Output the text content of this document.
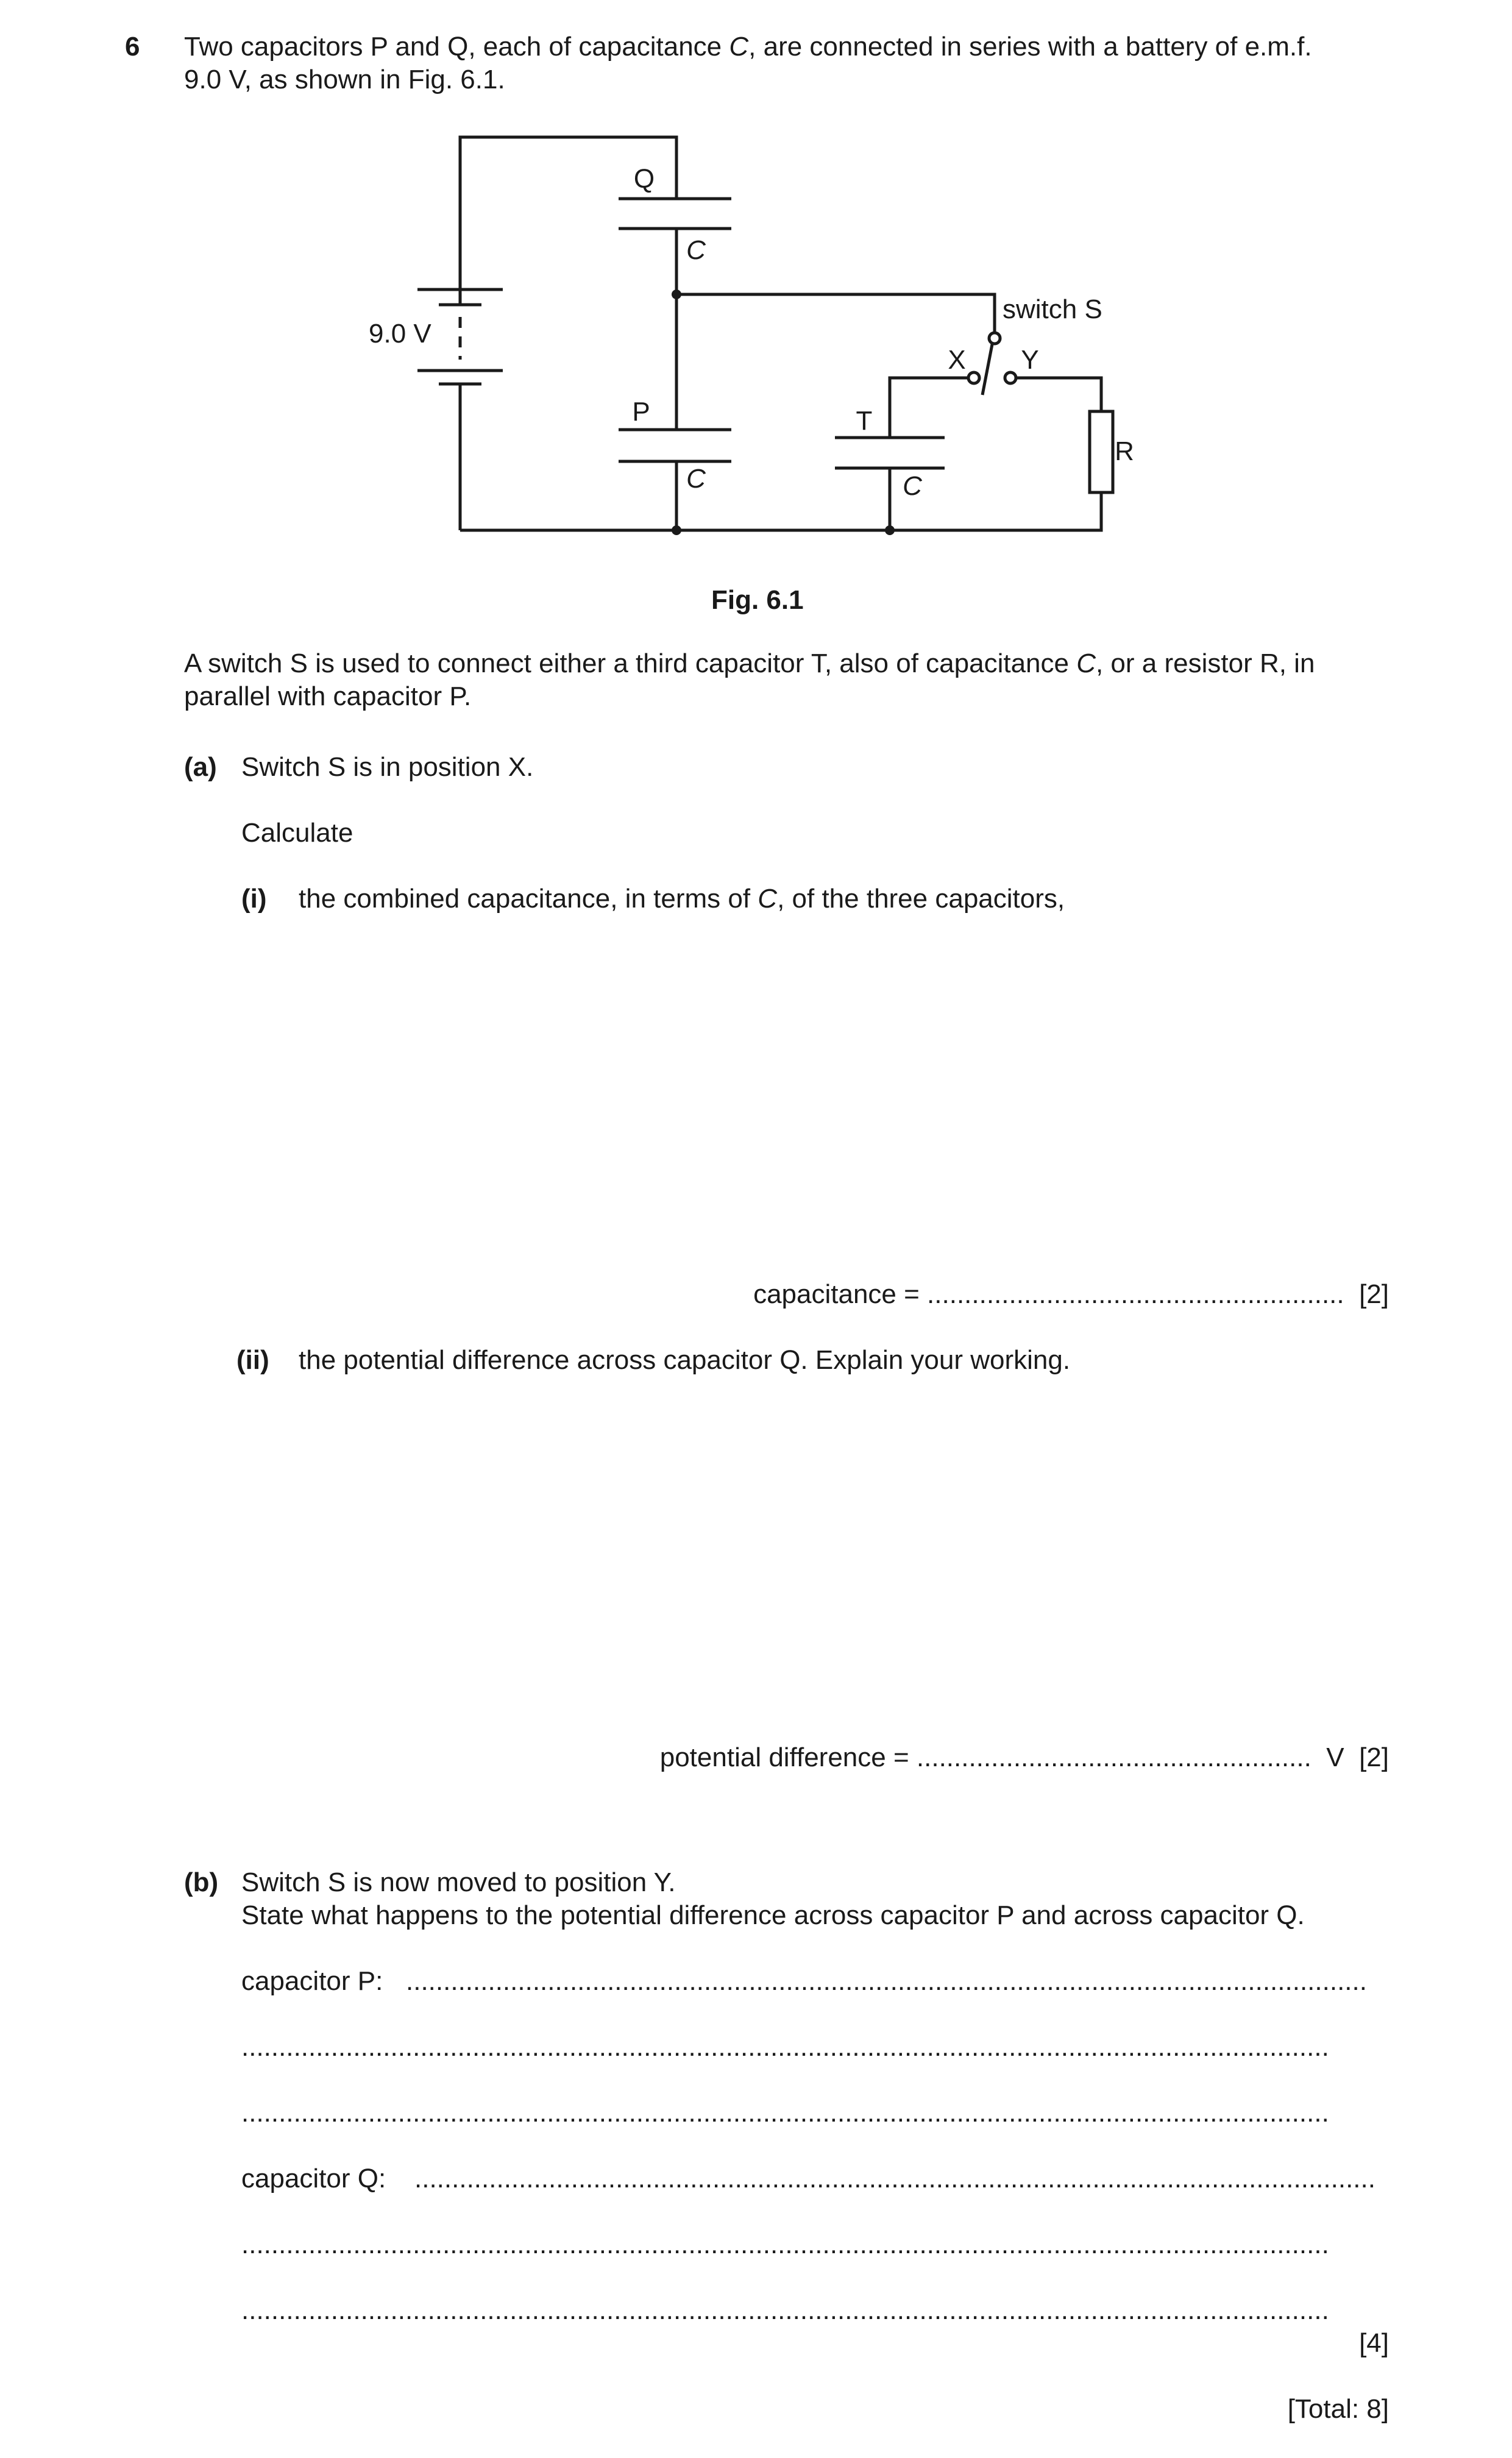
6 Two capacitors P and Q, each of capacitance C, are connected in series with a battery of e.m.f.
9.0 V, as shown in Fig. 6.1.
Q
C
9.0 V
P
C
T
C
switch S
X Y
R
Fig. 6.1
A switch S is used to connect either a third capacitor T, also of capacitance C, or a resistor R, in
parallel with capacitor P.
(a) Switch S is in position X.
Calculate
(i) the combined capacitance, in terms of C, of the three capacitors,
capacitance = ........................................................ [2]
(ii) the potential difference across capacitor Q. Explain your working.
potential difference = ..................................................... V [2]
(b) Switch S is now moved to position Y.
State what happens to the potential difference across capacitor P and across capacitor Q.
capacitor P: .................................................................................................................................
..................................................................................................................................................
..................................................................................................................................................
capacitor Q: .................................................................................................................................
..................................................................................................................................................
..................................................................................................................................................
[4]
[Total: 8]
